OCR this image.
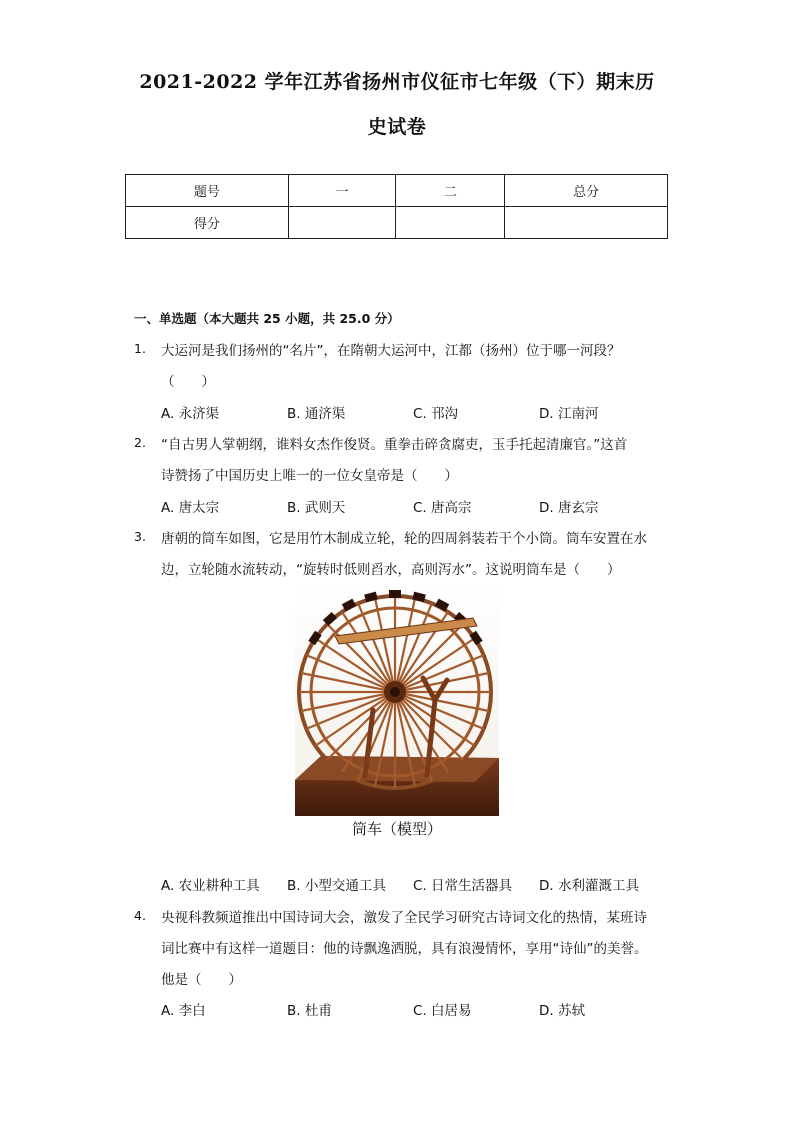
2021-2022 学年江苏省扬州市仪征市七年级（下）期末历
史试卷
题号	一	二	总分
得分			
一、单选题（本大题共 25 小题，共 25.0 分）
1. 大运河是我们扬州的“名片”，在隋朝大运河中，江都（扬州）位于哪一河段？
（　　）
A. 永济渠	B. 通济渠	C. 邗沟	D. 江南河
2. “自古男人掌朝纲，谁料女杰作俊贤。重拳击碎贪腐吏，玉手托起清廉官。”这首
诗赞扬了中国历史上唯一的一位女皇帝是（　　）
A. 唐太宗	B. 武则天	C. 唐高宗	D. 唐玄宗
3. 唐朝的筒车如图，它是用竹木制成立轮，轮的四周斜装若干个小筒。筒车安置在水
边，立轮随水流转动，“旋转时低则舀水，高则泻水”。这说明筒车是（　　）
筒车（模型）
A. 农业耕种工具 B. 小型交通工具 C. 日常生活器具 D. 水利灌溉工具
4. 央视科教频道推出中国诗词大会，激发了全民学习研究古诗词文化的热情，某班诗
词比赛中有这样一道题目：他的诗飘逸洒脱，具有浪漫情怀，享用“诗仙”的美誉。
他是（　　）
A. 李白	B. 杜甫	C. 白居易	D. 苏轼
